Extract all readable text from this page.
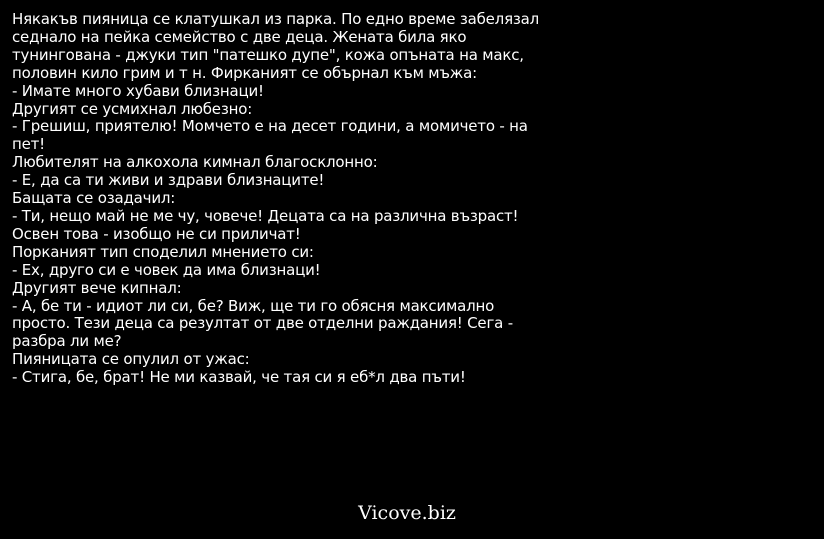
Някакъв пияница се клатушкал из парка. По едно време забелязал
седнало на пейка семейство с две деца. Жената била яко
тунингована - джуки тип "патешко дупе", кожа опъната на макс,
половин кило грим и т н. Фирканият се обърнал към мъжа:
- Имате много хубави близнаци!
Другият се усмихнал любезно:
- Грешиш, приятелю! Момчето е на десет години, а момичето - на
пет!
Любителят на алкохола кимнал благосклонно:
- Е, да са ти живи и здрави близнаците!
Бащата се озадачил:
- Ти, нещо май не ме чу, човече! Децата са на различна възраст!
Освен това - изобщо не си приличат!
Порканият тип споделил мнението си:
- Ех, друго си е човек да има близнаци!
Другият вече кипнал:
- А, бе ти - идиот ли си, бе? Виж, ще ти го обясня максимално
просто. Тези деца са резултат от две отделни раждания! Сега -
разбра ли ме?
Пияницата се опулил от ужас:
- Стига, бе, брат! Не ми казвай, че тая си я еб*л два пъти!
Vicove.biz
